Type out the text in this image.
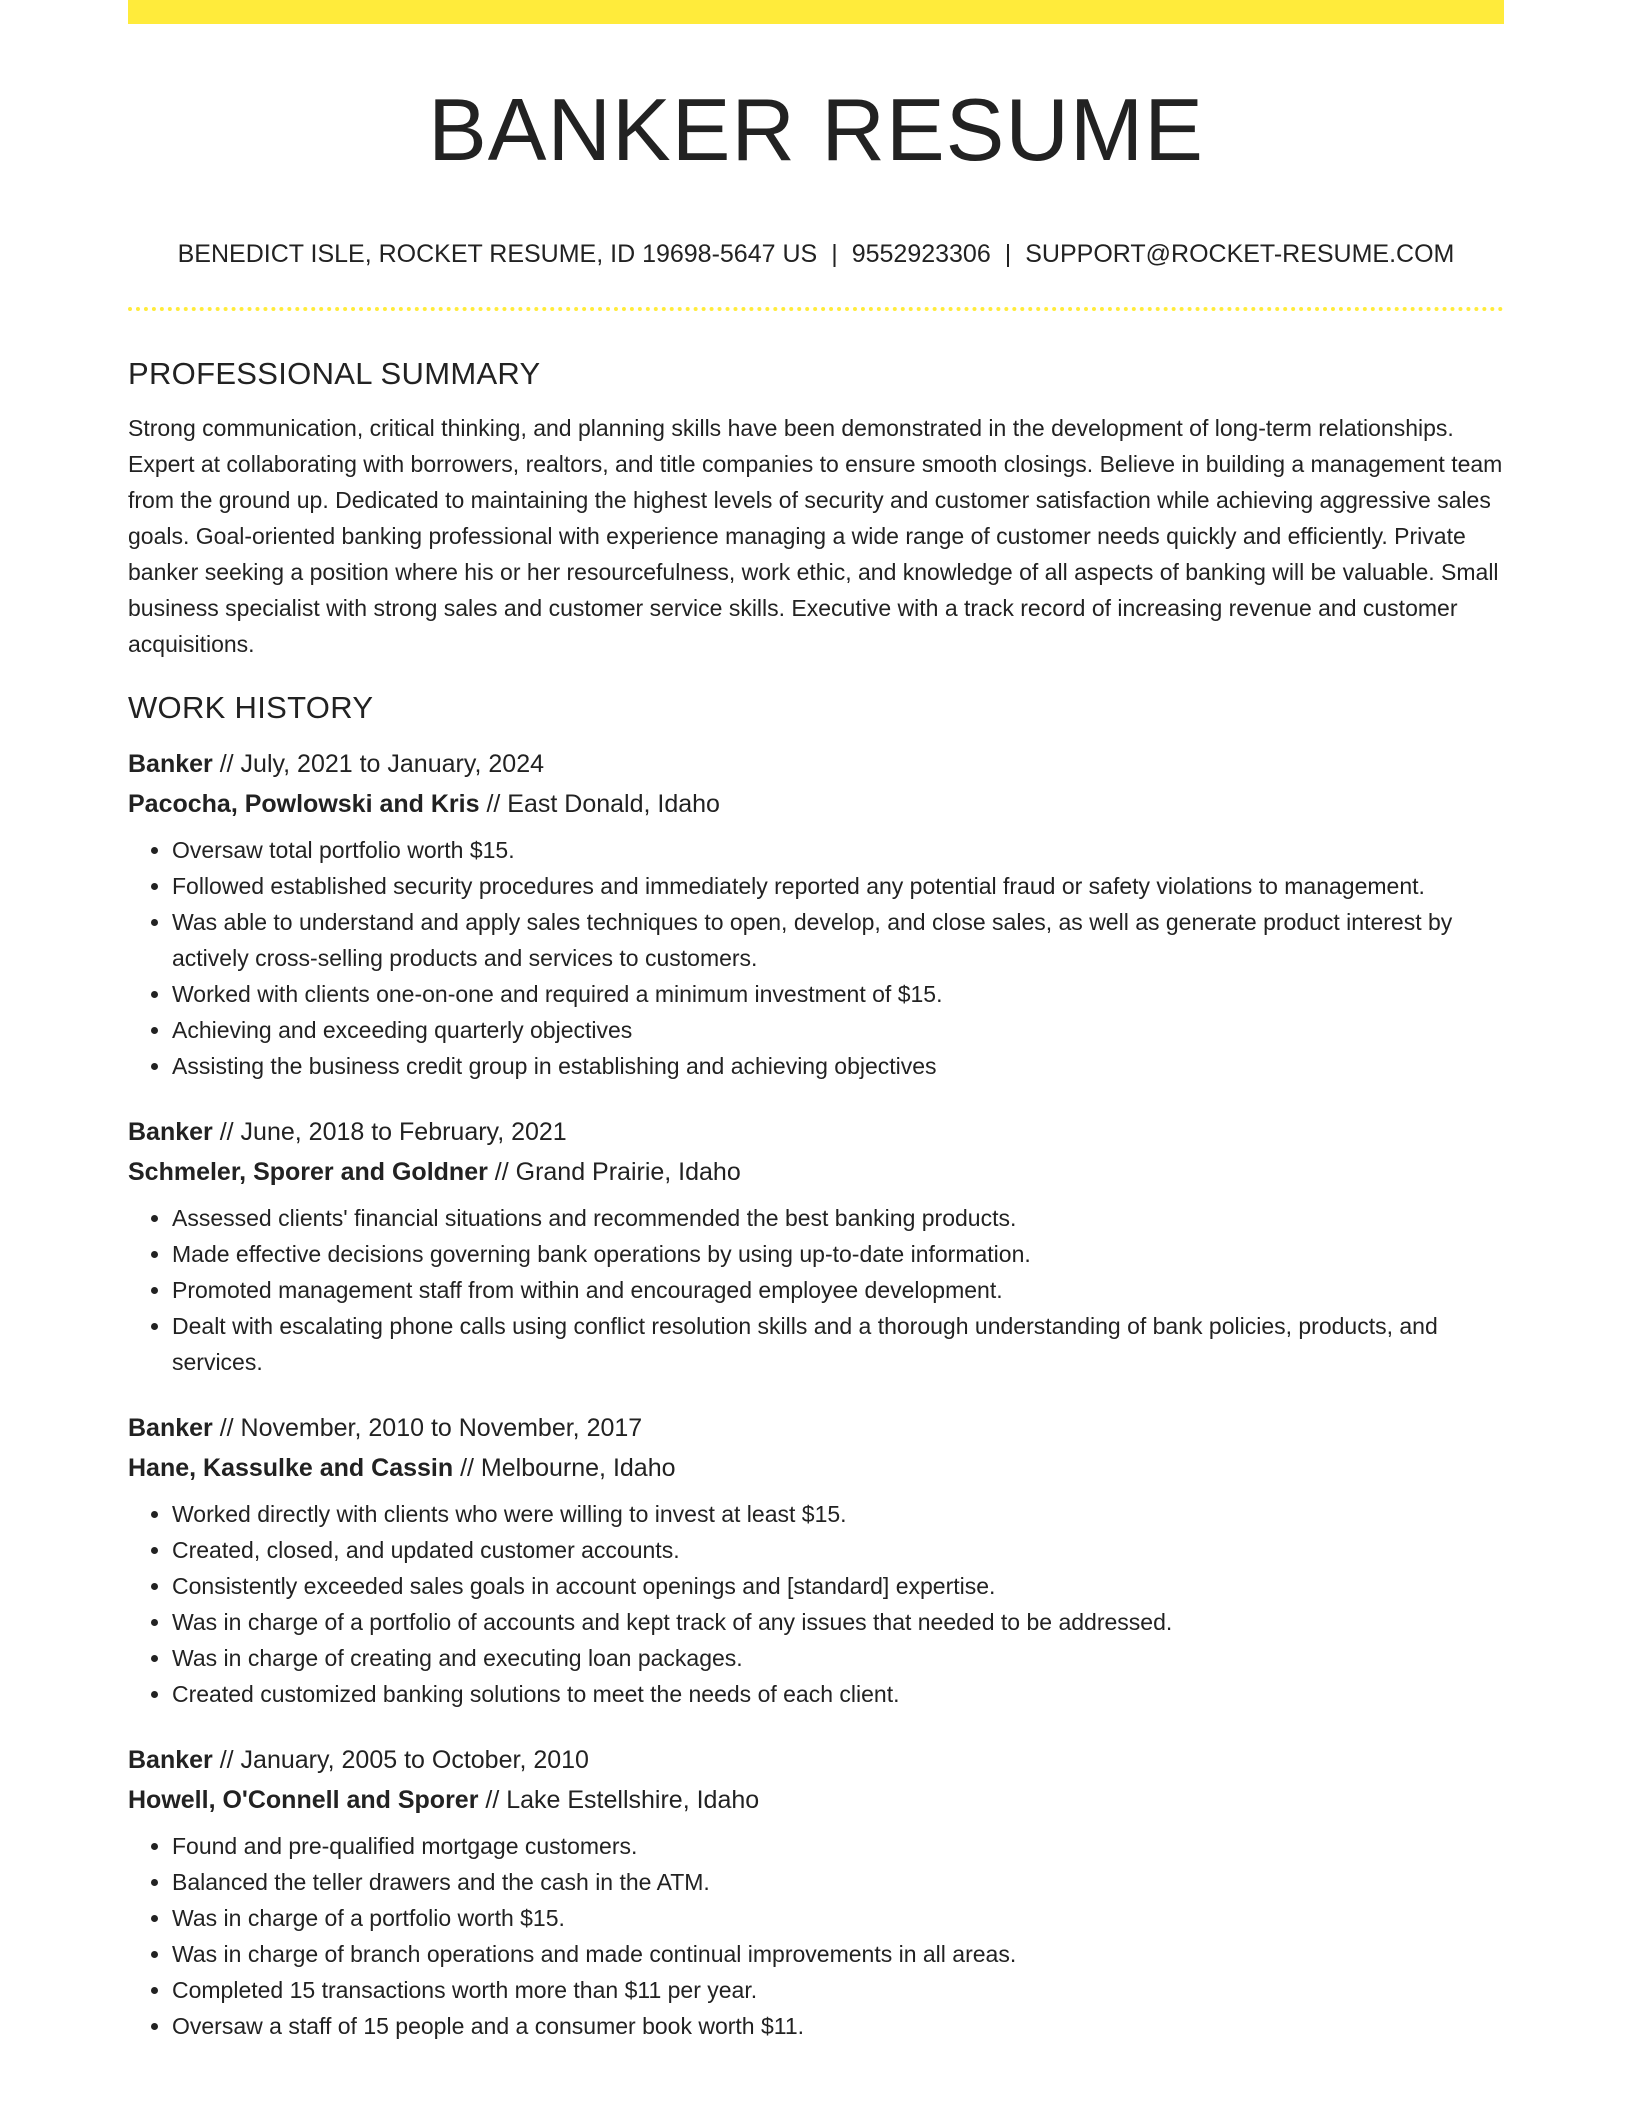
BANKER RESUME
BENEDICT ISLE, ROCKET RESUME, ID 19698-5647 US | 9552923306 | SUPPORT@ROCKET-RESUME.COM
PROFESSIONAL SUMMARY
Strong communication, critical thinking, and planning skills have been demonstrated in the development of long-term relationships. Expert at collaborating with borrowers, realtors, and title companies to ensure smooth closings. Believe in building a management team from the ground up. Dedicated to maintaining the highest levels of security and customer satisfaction while achieving aggressive sales goals. Goal-oriented banking professional with experience managing a wide range of customer needs quickly and efficiently. Private banker seeking a position where his or her resourcefulness, work ethic, and knowledge of all aspects of banking will be valuable. Small business specialist with strong sales and customer service skills. Executive with a track record of increasing revenue and customer acquisitions.
WORK HISTORY
Banker // July, 2021 to January, 2024
Pacocha, Powlowski and Kris // East Donald, Idaho
• Oversaw total portfolio worth $15.
• Followed established security procedures and immediately reported any potential fraud or safety violations to management.
• Was able to understand and apply sales techniques to open, develop, and close sales, as well as generate product interest by actively cross-selling products and services to customers.
• Worked with clients one-on-one and required a minimum investment of $15.
• Achieving and exceeding quarterly objectives
• Assisting the business credit group in establishing and achieving objectives
Banker // June, 2018 to February, 2021
Schmeler, Sporer and Goldner // Grand Prairie, Idaho
• Assessed clients' financial situations and recommended the best banking products.
• Made effective decisions governing bank operations by using up-to-date information.
• Promoted management staff from within and encouraged employee development.
• Dealt with escalating phone calls using conflict resolution skills and a thorough understanding of bank policies, products, and services.
Banker // November, 2010 to November, 2017
Hane, Kassulke and Cassin // Melbourne, Idaho
• Worked directly with clients who were willing to invest at least $15.
• Created, closed, and updated customer accounts.
• Consistently exceeded sales goals in account openings and [standard] expertise.
• Was in charge of a portfolio of accounts and kept track of any issues that needed to be addressed.
• Was in charge of creating and executing loan packages.
• Created customized banking solutions to meet the needs of each client.
Banker // January, 2005 to October, 2010
Howell, O'Connell and Sporer // Lake Estellshire, Idaho
• Found and pre-qualified mortgage customers.
• Balanced the teller drawers and the cash in the ATM.
• Was in charge of a portfolio worth $15.
• Was in charge of branch operations and made continual improvements in all areas.
• Completed 15 transactions worth more than $11 per year.
• Oversaw a staff of 15 people and a consumer book worth $11.
